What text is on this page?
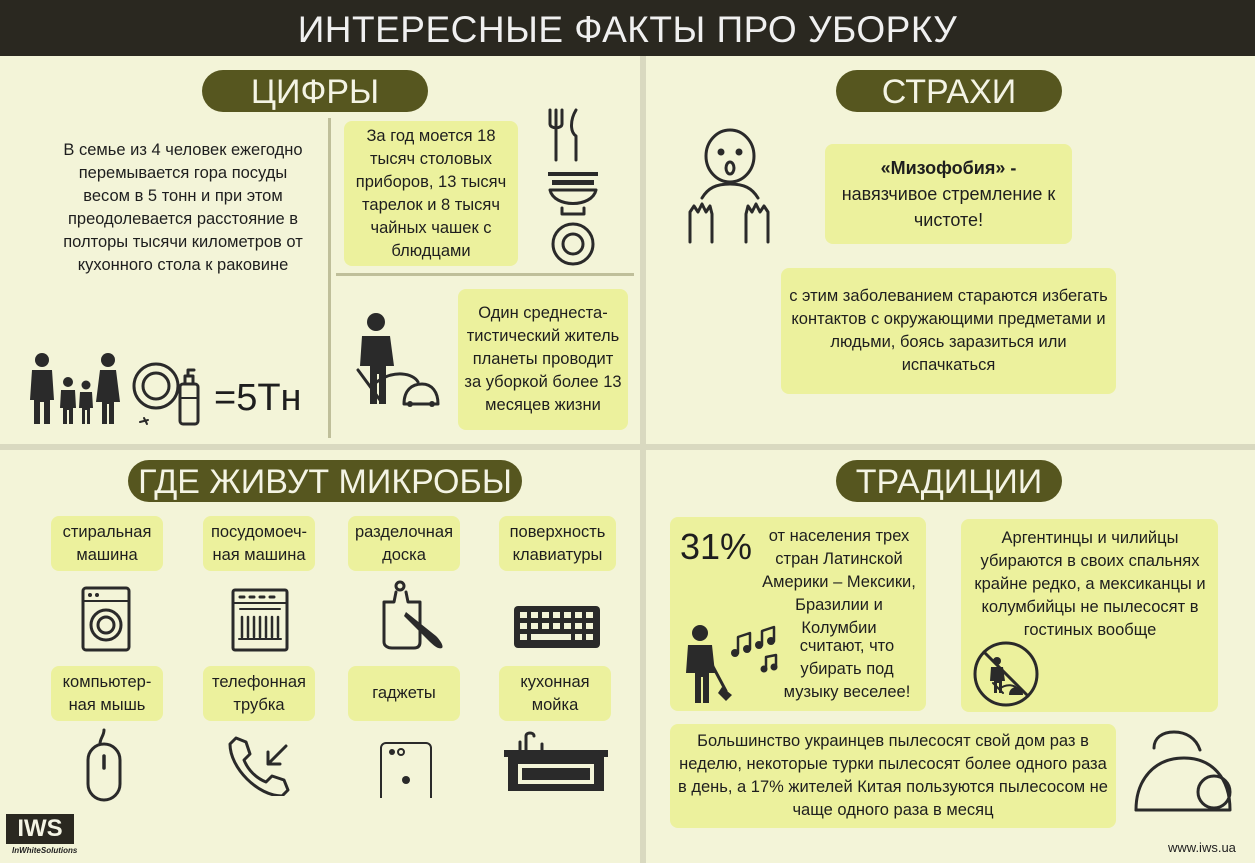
ИНТЕРЕСНЫЕ ФАКТЫ ПРО УБОРКУ
ЦИФРЫ
В семье из 4 человек ежегодно перемывается гора посуды весом в 5 тонн и при этом преодолевается расстояние в полторы тысячи километров от кухонного стола к раковине
=5Тн
За год моется 18 тысяч столовых приборов, 13 тысяч тарелок и 8 тысяч чайных чашек с блюдцами
Один среднеста-тистический житель планеты проводит за уборкой более 13 месяцев жизни
СТРАХИ
«Мизофобия» -
навязчивое стремление к чистоте!
с этим заболеванием стараются избегать контактов с окружающими предметами и людьми, боясь заразиться или испачкаться
ГДЕ ЖИВУТ МИКРОБЫ
стиральная машина
посудомоеч-ная машина
разделочная доска
поверхность клавиатуры
компьютер-ная мышь
телефонная трубка
гаджеты
кухонная мойка
ТРАДИЦИИ
31%	от населения трех стран Латинской Америки – Мексики, Бразилии и Колумбии
считают, что убирать под музыку веселее!
Аргентинцы и чилийцы убираются в своих спальнях крайне редко, а мексиканцы и колумбийцы не пылесосят в гостиных вообще
Большинство украинцев пылесосят свой дом раз в неделю, некоторые турки пылесосят более одного раза в день, а 17% жителей Китая пользуются пылесосом не чаще одного раза в месяц
IWS
InWhiteSolutions	www.iws.ua
